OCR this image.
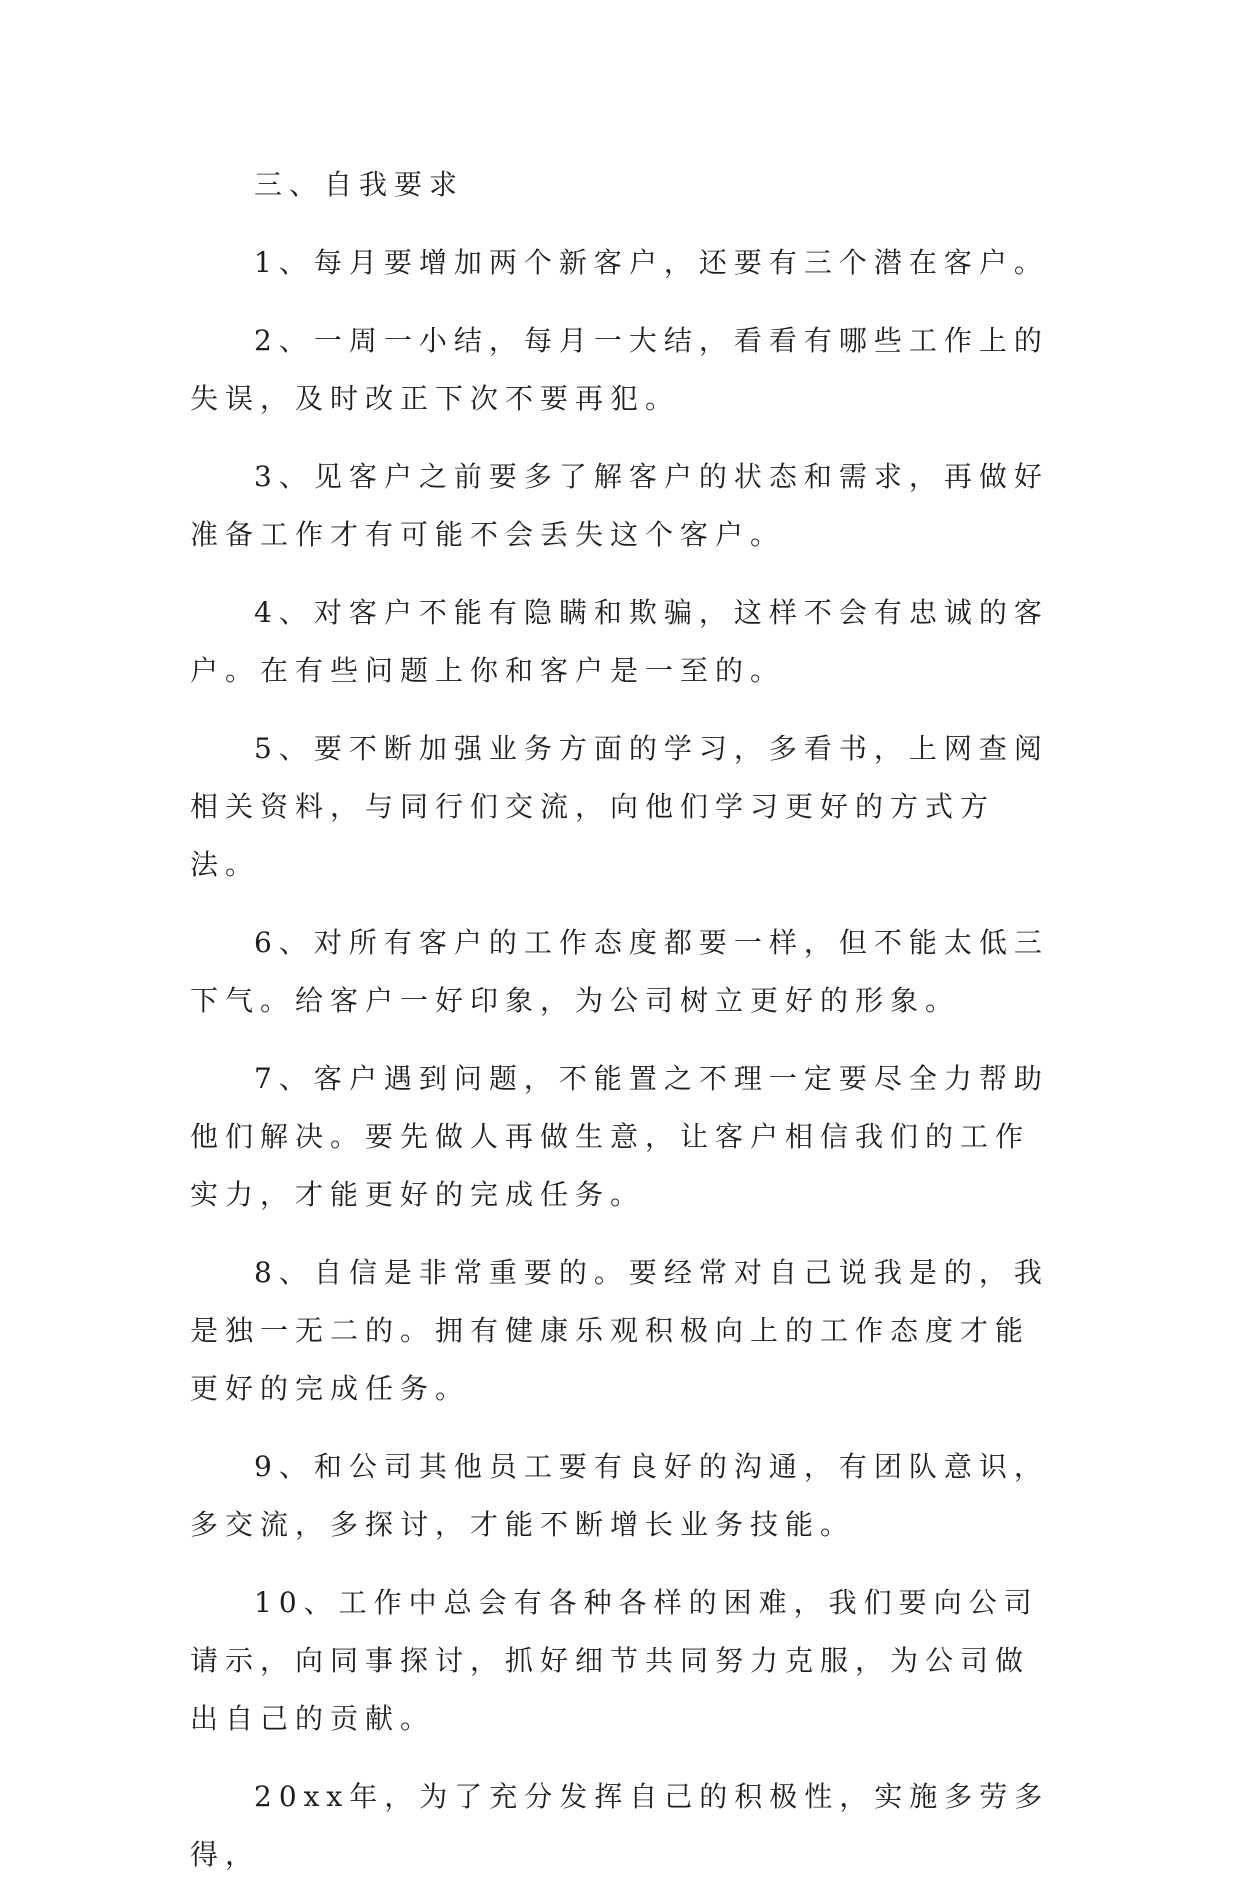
三、自我要求

1、每月要增加两个新客户，还要有三个潜在客户。

2、一周一小结，每月一大结，看看有哪些工作上的失误，及时改正下次不要再犯。

3、见客户之前要多了解客户的状态和需求，再做好准备工作才有可能不会丢失这个客户。

4、对客户不能有隐瞒和欺骗，这样不会有忠诚的客户。在有些问题上你和客户是一至的。

5、要不断加强业务方面的学习，多看书，上网查阅相关资料，与同行们交流，向他们学习更好的方式方法。

6、对所有客户的工作态度都要一样，但不能太低三下气。给客户一好印象，为公司树立更好的形象。

7、客户遇到问题，不能置之不理一定要尽全力帮助他们解决。要先做人再做生意，让客户相信我们的工作实力，才能更好的完成任务。

8、自信是非常重要的。要经常对自己说我是的，我是独一无二的。拥有健康乐观积极向上的工作态度才能更好的完成任务。

9、和公司其他员工要有良好的沟通，有团队意识，多交流，多探讨，才能不断增长业务技能。

10、工作中总会有各种各样的困难，我们要向公司请示，向同事探讨，抓好细节共同努力克服，为公司做出自己的贡献。

20xx年，为了充分发挥自己的积极性，实施多劳多得，
